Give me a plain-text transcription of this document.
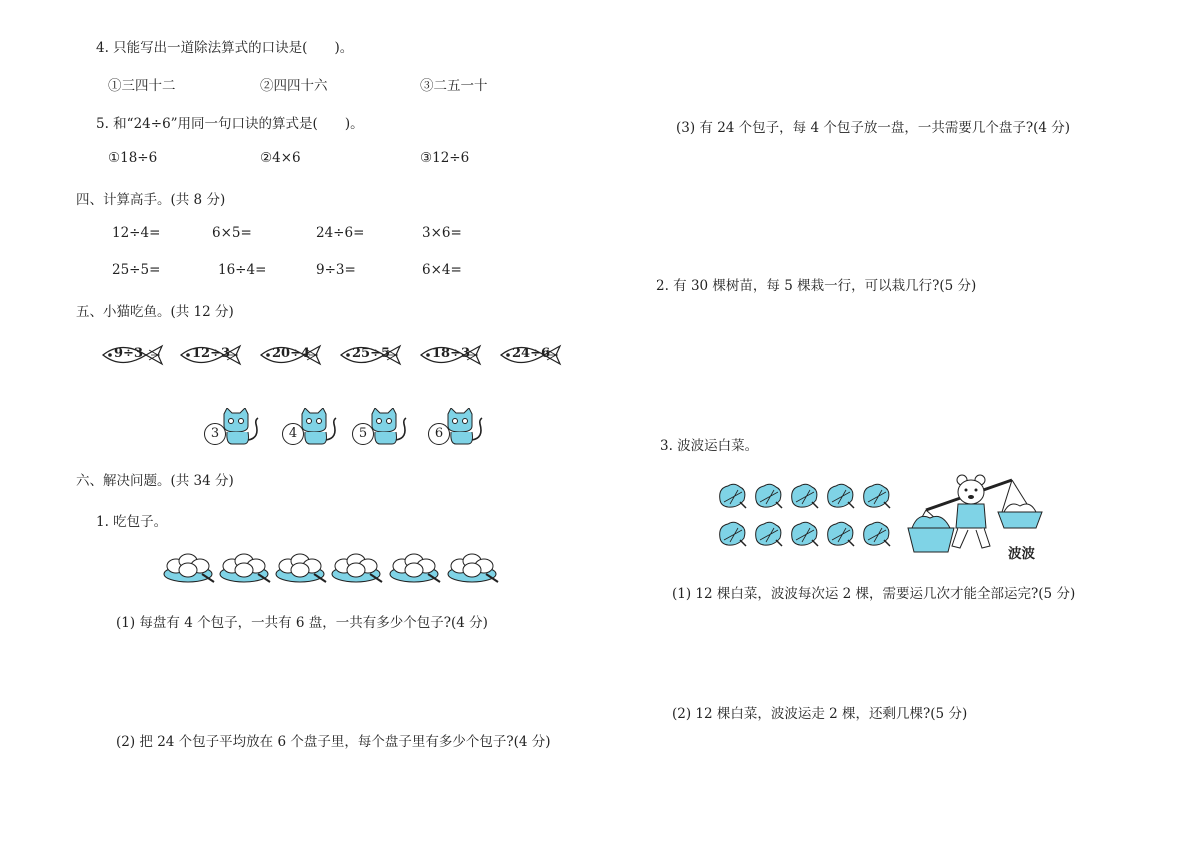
4. 只能写出一道除法算式的口诀是(　　)。
①三四十二	②四四十六	③二五一十
5. 和“24÷6”用同一句口诀的算式是(　　)。
①18÷6	②4×6	③12÷6
四、计算高手。(共 8 分)
12÷4=	6×5=	24÷6=	3×6=
25÷5=	16÷4=	9÷3=	6×4=
五、小猫吃鱼。(共 12 分)
9÷3	12÷3	20÷4	25÷5	18÷3	24÷6
3	4	5	6
六、解决问题。(共 34 分)
1. 吃包子。
(1) 每盘有 4 个包子，一共有 6 盘，一共有多少个包子?(4 分)
(2) 把 24 个包子平均放在 6 个盘子里，每个盘子里有多少个包子?(4 分)
(3) 有 24 个包子，每 4 个包子放一盘，一共需要几个盘子?(4 分)
2. 有 30 棵树苗，每 5 棵栽一行，可以栽几行?(5 分)
3. 波波运白菜。
波波
(1) 12 棵白菜，波波每次运 2 棵，需要运几次才能全部运完?(5 分)
(2) 12 棵白菜，波波运走 2 棵，还剩几棵?(5 分)
